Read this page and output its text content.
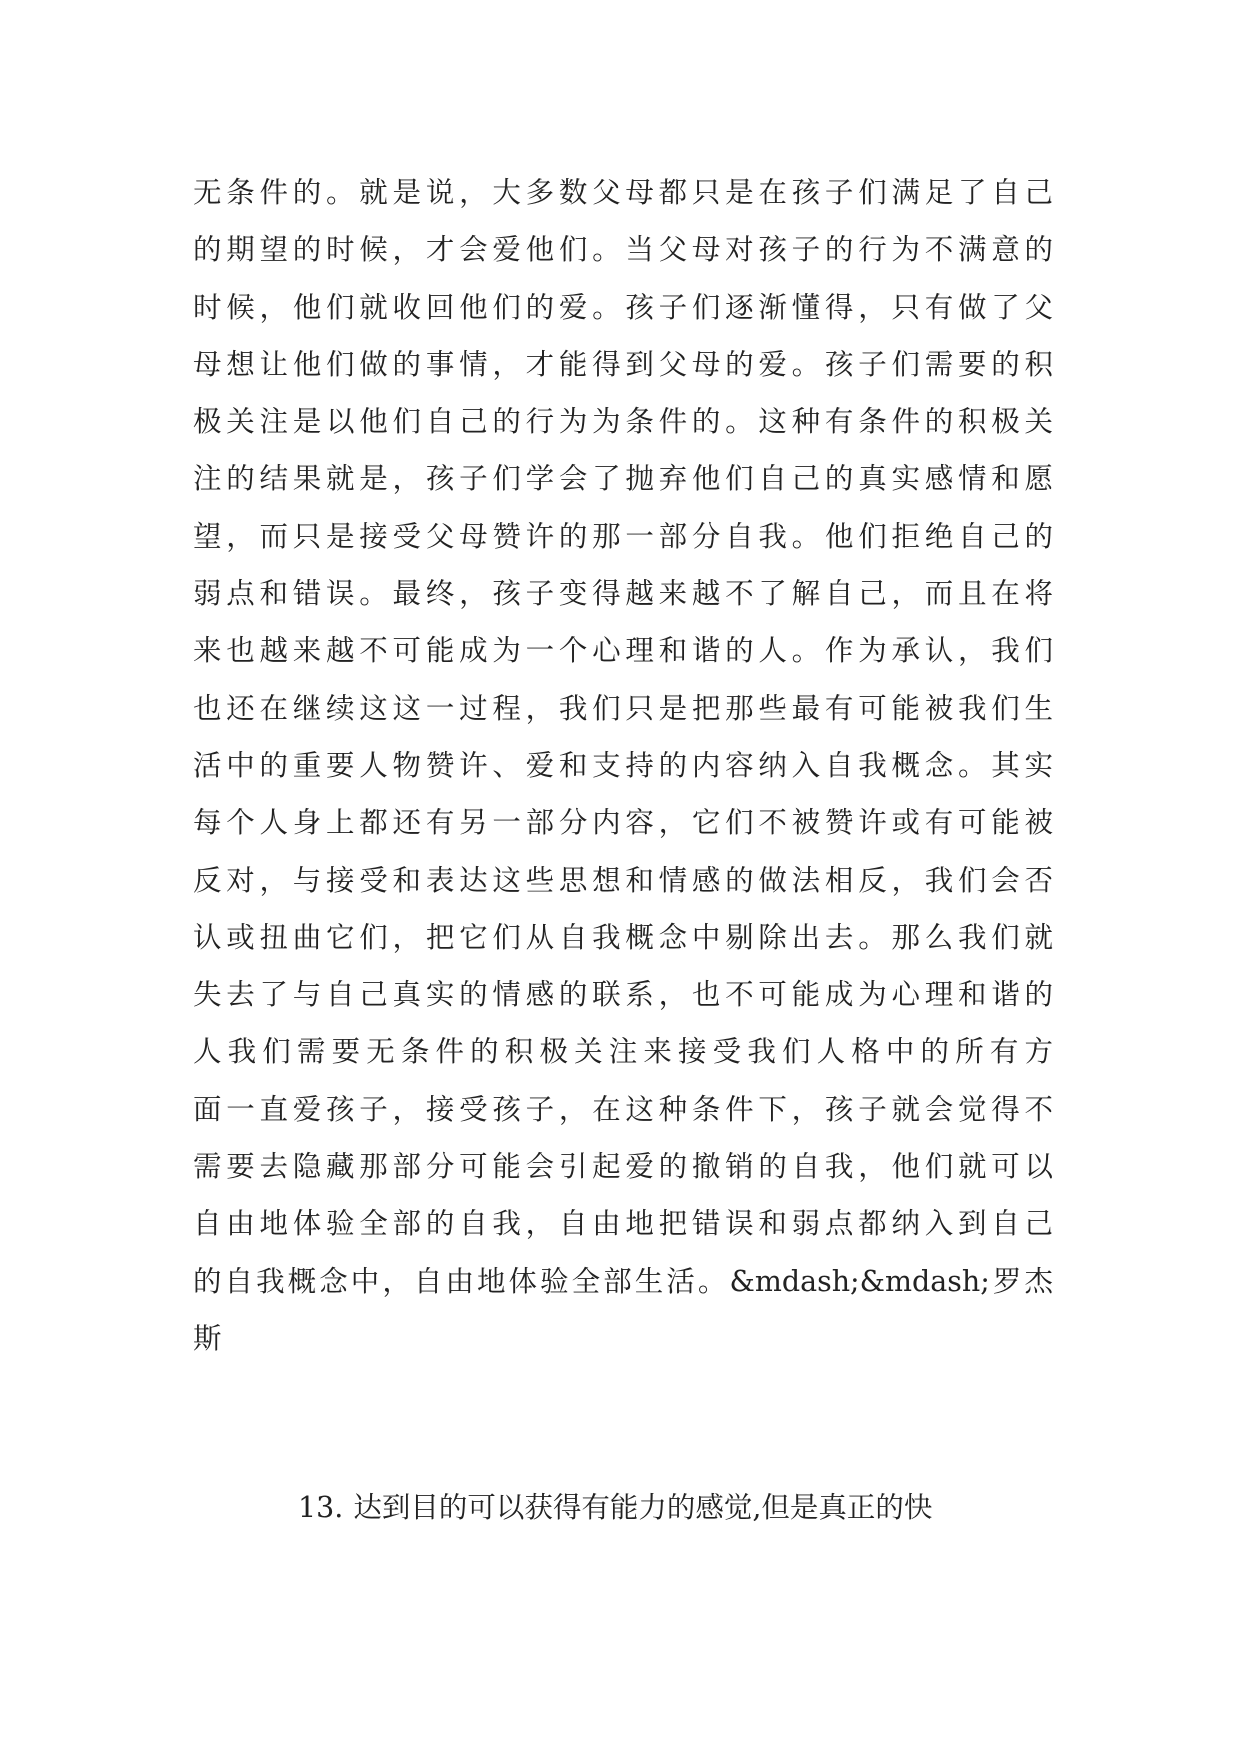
无条件的。就是说，大多数父母都只是在孩子们满足了自己
的期望的时候，才会爱他们。当父母对孩子的行为不满意的
时候，他们就收回他们的爱。孩子们逐渐懂得，只有做了父
母想让他们做的事情，才能得到父母的爱。孩子们需要的积
极关注是以他们自己的行为为条件的。这种有条件的积极关
注的结果就是，孩子们学会了抛弃他们自己的真实感情和愿
望，而只是接受父母赞许的那一部分自我。他们拒绝自己的
弱点和错误。最终，孩子变得越来越不了解自己，而且在将
来也越来越不可能成为一个心理和谐的人。作为承认，我们
也还在继续这这一过程，我们只是把那些最有可能被我们生
活中的重要人物赞许、爱和支持的内容纳入自我概念。其实
每个人身上都还有另一部分内容，它们不被赞许或有可能被
反对，与接受和表达这些思想和情感的做法相反，我们会否
认或扭曲它们，把它们从自我概念中剔除出去。那么我们就
失去了与自己真实的情感的联系，也不可能成为心理和谐的
人我们需要无条件的积极关注来接受我们人格中的所有方
面一直爱孩子，接受孩子，在这种条件下，孩子就会觉得不
需要去隐藏那部分可能会引起爱的撤销的自我，他们就可以
自由地体验全部的自我，自由地把错误和弱点都纳入到自己
的自我概念中，自由地体验全部生活。&mdash;&mdash;罗杰
斯
13. 达到目的可以获得有能力的感觉,但是真正的快
